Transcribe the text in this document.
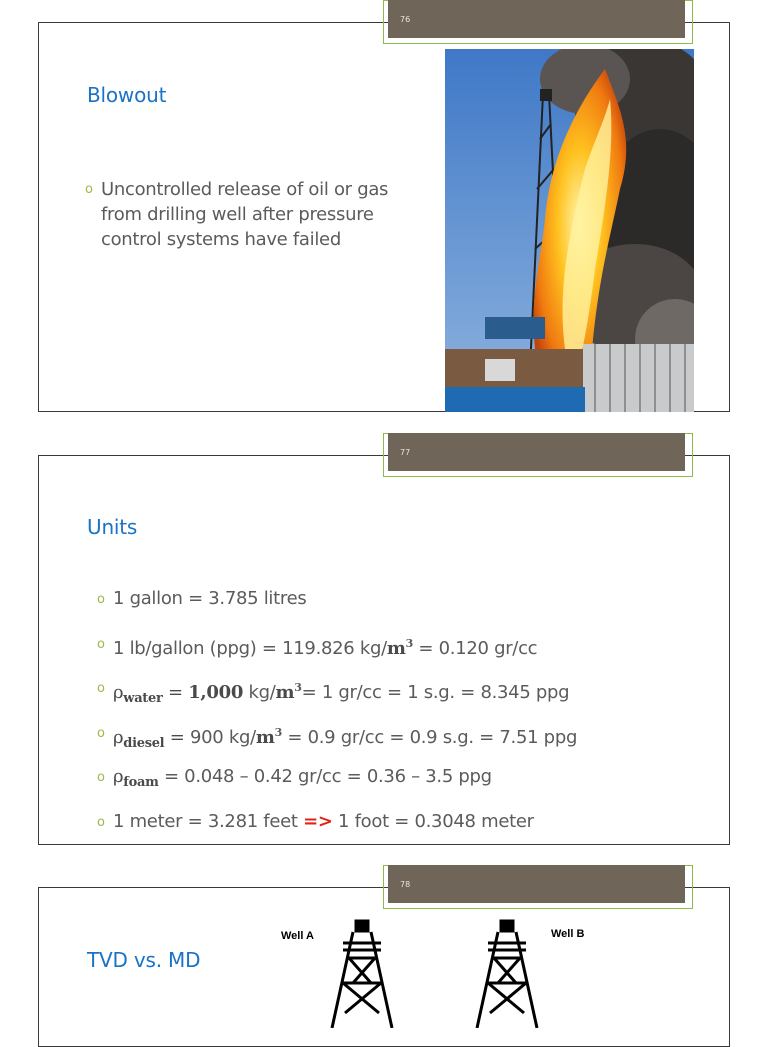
Blowout
o Uncontrolled release of oil or gas from drilling well after pressure control systems have failed
76
Units
o 1 gallon = 3.785 litres
o 1 lb/gallon (ppg) = 119.826 $kg/m^3 = 0.120$ gr/cc
o $\rho_{water} = 1,000$ $kg/m^3= 1$ gr/cc = 1 s.g. = 8.345 ppg
o $\rho_{diesel} = 900$ $kg/m^3 = 0.9$ gr/cc = 0.9 s.g. = 7.51 ppg
o $\rho_{foam} = 0.048 - 0.42$ gr/cc = 0.36 – 3.5 ppg
o 1 meter = 3.281 feet => 1 foot = 0.3048 meter
77
TVD vs. MD
Well A	Well B
78
